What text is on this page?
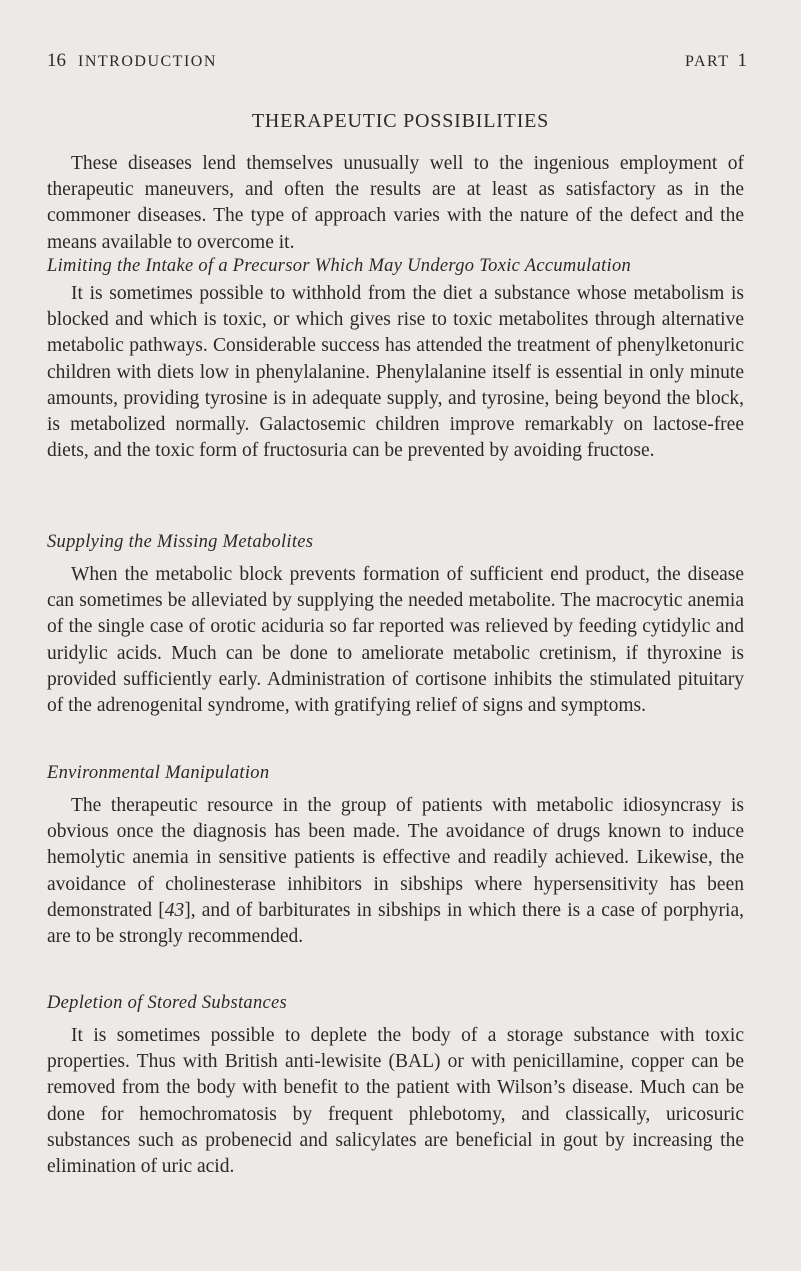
16 INTRODUCTION	PART 1
THERAPEUTIC POSSIBILITIES

These diseases lend themselves unusually well to the ingenious employment of therapeutic maneuvers, and often the results are at least as satisfactory as in the commoner diseases. The type of approach varies with the nature of the defect and the means available to overcome it.

Limiting the Intake of a Precursor Which May Undergo Toxic Accumulation

It is sometimes possible to withhold from the diet a substance whose metabolism is blocked and which is toxic, or which gives rise to toxic metabolites through alternative metabolic pathways. Considerable success has attended the treatment of phenylketonuric children with diets low in phenylalanine. Phenylalanine itself is essential in only minute amounts, providing tyrosine is in adequate supply, and tyrosine, being beyond the block, is metabolized normally. Galactosemic children improve remarkably on lactose-free diets, and the toxic form of fructosuria can be prevented by avoiding fructose.

Supplying the Missing Metabolites

When the metabolic block prevents formation of sufficient end product, the disease can sometimes be alleviated by supplying the needed metabolite. The macrocytic anemia of the single case of orotic aciduria so far reported was relieved by feeding cytidylic and uridylic acids. Much can be done to ameliorate metabolic cretinism, if thyroxine is provided sufficiently early. Administration of cortisone inhibits the stimulated pituitary of the adrenogenital syndrome, with gratifying relief of signs and symptoms.

Environmental Manipulation

The therapeutic resource in the group of patients with metabolic idiosyncrasy is obvious once the diagnosis has been made. The avoidance of drugs known to induce hemolytic anemia in sensitive patients is effective and readily achieved. Likewise, the avoidance of cholinesterase inhibitors in sibships where hypersensitivity has been demonstrated [43], and of barbiturates in sibships in which there is a case of porphyria, are to be strongly recommended.

Depletion of Stored Substances

It is sometimes possible to deplete the body of a storage substance with toxic properties. Thus with British anti-lewisite (BAL) or with penicillamine, copper can be removed from the body with benefit to the patient with Wilson’s disease. Much can be done for hemochromatosis by frequent phlebotomy, and classically, uricosuric substances such as probenecid and salicylates are beneficial in gout by increasing the elimination of uric acid.
